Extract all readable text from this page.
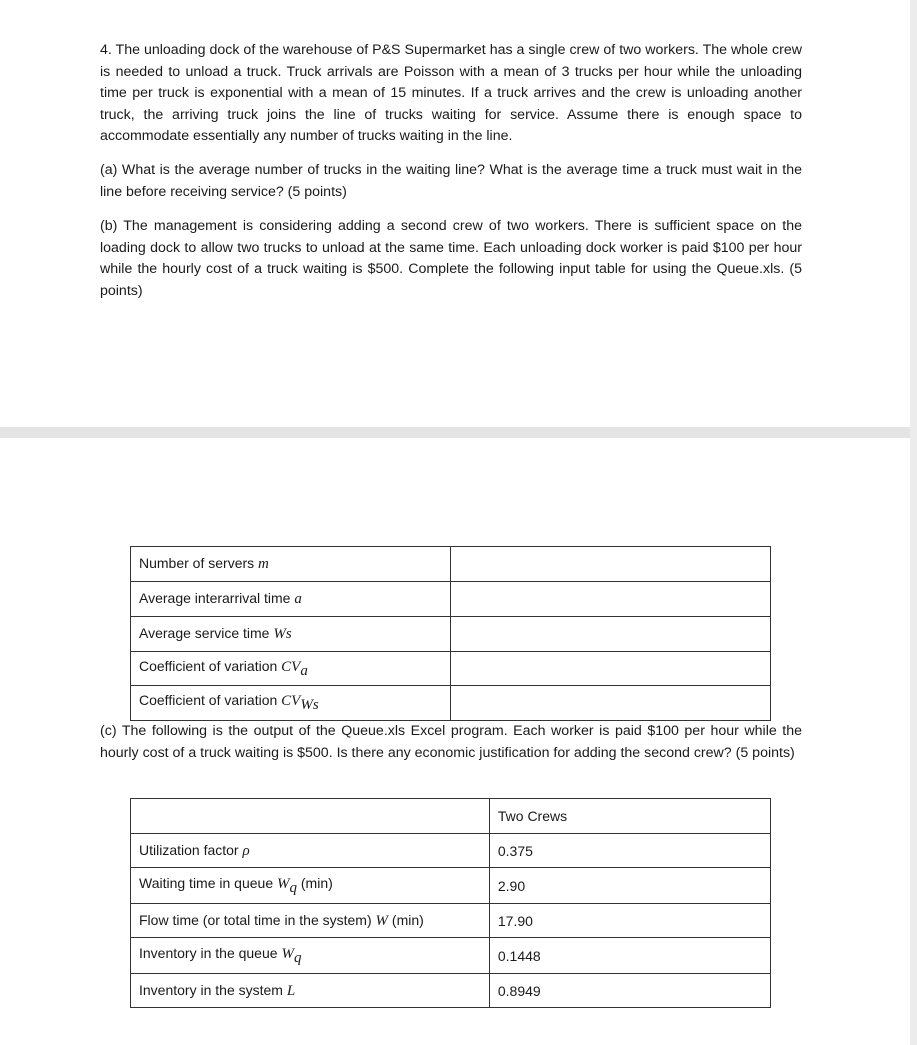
4. The unloading dock of the warehouse of P&S Supermarket has a single crew of two workers. The whole crew is needed to unload a truck. Truck arrivals are Poisson with a mean of 3 trucks per hour while the unloading time per truck is exponential with a mean of 15 minutes. If a truck arrives and the crew is unloading another truck, the arriving truck joins the line of trucks waiting for service. Assume there is enough space to accommodate essentially any number of trucks waiting in the line.

(a) What is the average number of trucks in the waiting line? What is the average time a truck must wait in the line before receiving service? (5 points)

(b) The management is considering adding a second crew of two workers. There is sufficient space on the loading dock to allow two trucks to unload at the same time. Each unloading dock worker is paid $100 per hour while the hourly cost of a truck waiting is $500. Complete the following input table for using the Queue.xls. (5 points)

Number of servers m	
Average interarrival time a	
Average service time Ws	
Coefficient of variation $CV_a$	
Coefficient of variation $CV_{Ws}$	

(c) The following is the output of the Queue.xls Excel program. Each worker is paid $100 per hour while the hourly cost of a truck waiting is $500. Is there any economic justification for adding the second crew? (5 points)

	Two Crews
Utilization factor ρ	0.375
Waiting time in queue $W_q$ (min)	2.90
Flow time (or total time in the system) W (min)	17.90
Inventory in the queue $W_q$	0.1448
Inventory in the system L	0.8949
